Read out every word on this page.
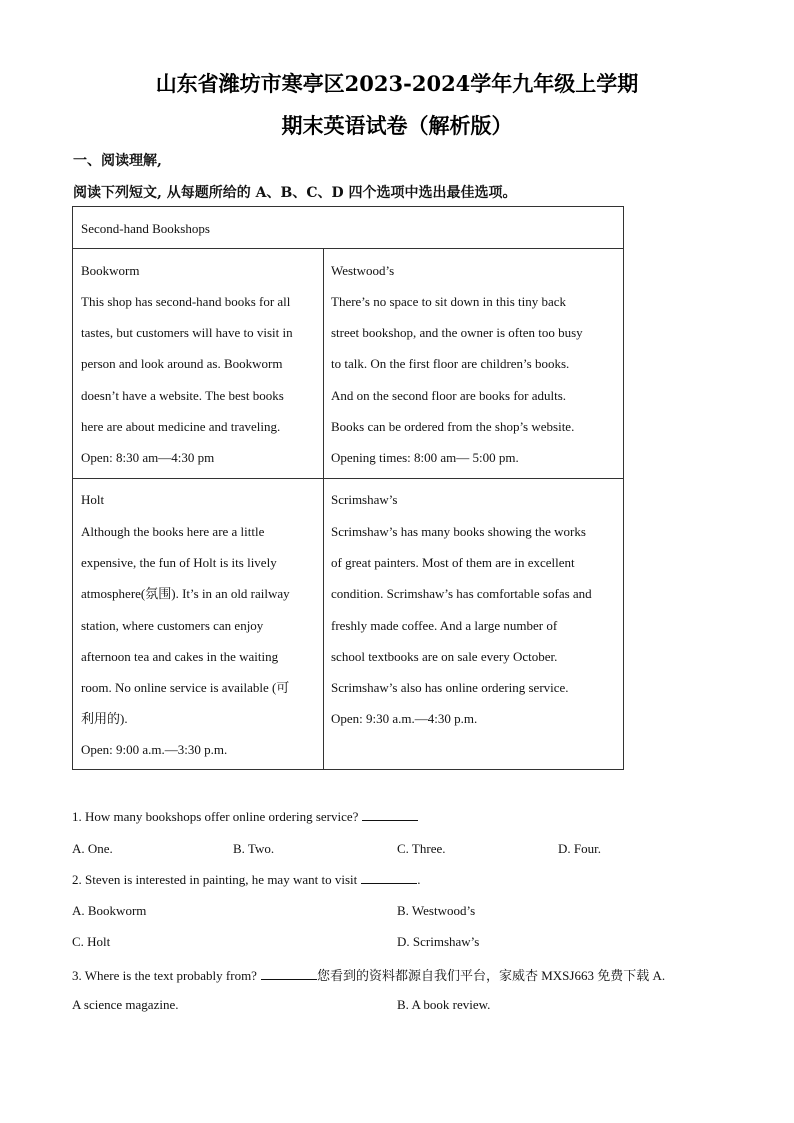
山东省潍坊市寒亭区2023-2024学年九年级上学期
期末英语试卷（解析版）
一、阅读理解,
阅读下列短文, 从每题所给的 A、B、C、D 四个选项中选出最佳选项。
Second-hand Bookshops
Bookworm
This shop has second-hand books for all
tastes, but customers will have to visit in
person and look around as. Bookworm
doesn’t have a website. The best books
here are about medicine and traveling.
Open: 8:30 am—4:30 pm
Westwood’s
There’s no space to sit down in this tiny back
street bookshop, and the owner is often too busy
to talk. On the first floor are children’s books.
And on the second floor are books for adults.
Books can be ordered from the shop’s website.
Opening times: 8:00 am— 5:00 pm.
Holt
Although the books here are a little
expensive, the fun of Holt is its lively
atmosphere(氛围). It’s in an old railway
station, where customers can enjoy
afternoon tea and cakes in the waiting
room. No online service is available (可
利用的).
Open: 9:00 a.m.—3:30 p.m.
Scrimshaw’s
Scrimshaw’s has many books showing the works
of great painters. Most of them are in excellent
condition. Scrimshaw’s has comfortable sofas and
freshly made coffee. And a large number of
school textbooks are on sale every October.
Scrimshaw’s also has online ordering service.
Open: 9:30 a.m.—4:30 p.m.
1. How many bookshops offer online ordering service?
A. One.	B. Two.	C. Three.	D. Four.
2. Steven is interested in painting, he may want to visit	.
A. Bookworm	B. Westwood’s
C. Holt	D. Scrimshaw’s
3. Where is the text probably from?	您看到的资料都源自我们平台，家威杏 MXSJ663 免费下载 A.
A science magazine.	B. A book review.
